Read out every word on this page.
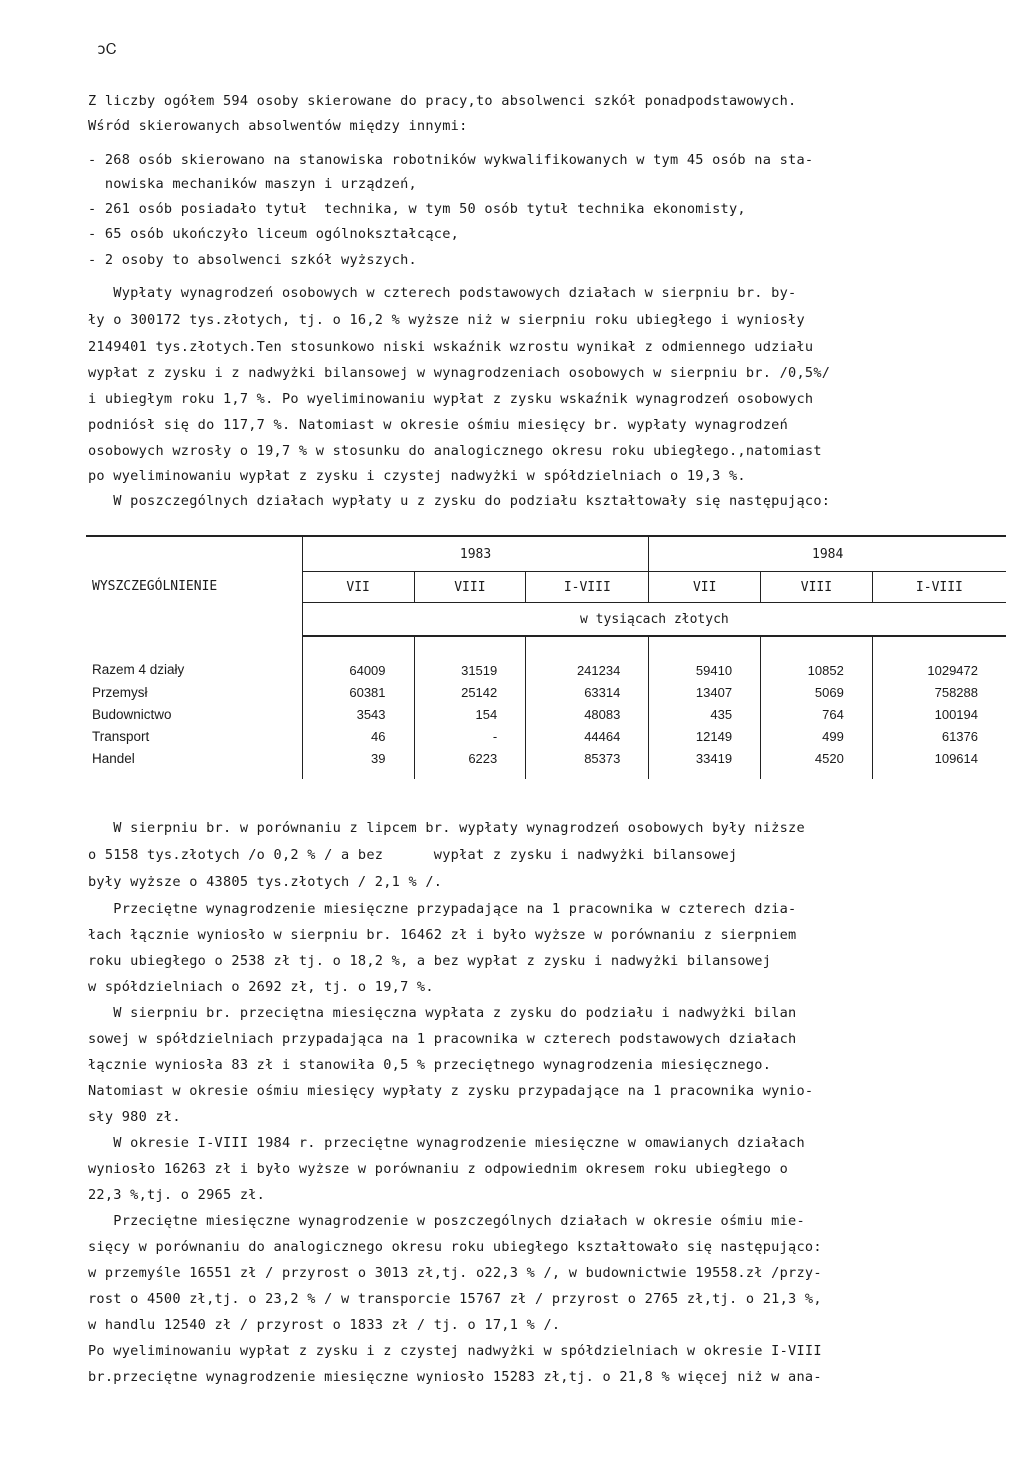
ɔᏟ
Z liczby ogółem 594 osoby skierowane do pracy,to absolwenci szkół ponadpodstawowych.
Wśród skierowanych absolwentów między innymi:
- 268 osób skierowano na stanowiska robotników wykwalifikowanych w tym 45 osób na sta-
nowiska mechaników maszyn i urządzeń,
- 261 osób posiadało tytuł  technika, w tym 50 osób tytuł technika ekonomisty,
- 65 osób ukończyło liceum ogólnokształcące,
- 2 osoby to absolwenci szkół wyższych.
Wypłaty wynagrodzeń osobowych w czterech podstawowych działach w sierpniu br. by-
ły o 300172 tys.złotych, tj. o 16,2 % wyższe niż w sierpniu roku ubiegłego i wyniosły
2149401 tys.złotych.Ten stosunkowo niski wskaźnik wzrostu wynikał z odmiennego udziału
wypłat z zysku i z nadwyżki bilansowej w wynagrodzeniach osobowych w sierpniu br. /0,5%/
i ubiegłym roku 1,7 %. Po wyeliminowaniu wypłat z zysku wskaźnik wynagrodzeń osobowych
podniósł się do 117,7 %. Natomiast w okresie ośmiu miesięcy br. wypłaty wynagrodzeń
osobowych wzrosły o 19,7 % w stosunku do analogicznego okresu roku ubiegłego.,natomiast
po wyeliminowaniu wypłat z zysku i czystej nadwyżki w spółdzielniach o 19,3 %.
W poszczególnych działach wypłaty u z zysku do podziału kształtowały się następująco:
WYSZCZEGÓLNIENIE	1983			1984		
	VII	VIII	I-VIII	VII	VIII	I-VIII
	w tysiącach złotych					
Razem 4 działy	64009	31519	241234	59410	10852	1029472
Przemysł	60381	25142	63314	13407	5069	758288
Budownictwo	3543	154	48083	435	764	100194
Transport	46	-	44464	12149	499	61376
Handel	39	6223	85373	33419	4520	109614
W sierpniu br. w porównaniu z lipcem br. wypłaty wynagrodzeń osobowych były niższe
o 5158 tys.złotych /o 0,2 % / a bez      wypłat z zysku i nadwyżki bilansowej
były wyższe o 43805 tys.złotych / 2,1 % /.
Przeciętne wynagrodzenie miesięczne przypadające na 1 pracownika w czterech dzia-
łach łącznie wyniosło w sierpniu br. 16462 zł i było wyższe w porównaniu z sierpniem
roku ubiegłego o 2538 zł tj. o 18,2 %, a bez wypłat z zysku i nadwyżki bilansowej
w spółdzielniach o 2692 zł, tj. o 19,7 %.
W sierpniu br. przeciętna miesięczna wypłata z zysku do podziału i nadwyżki bilan
sowej w spółdzielniach przypadająca na 1 pracownika w czterech podstawowych działach
łącznie wyniosła 83 zł i stanowiła 0,5 % przeciętnego wynagrodzenia miesięcznego.
Natomiast w okresie ośmiu miesięcy wypłaty z zysku przypadające na 1 pracownika wynio-
sły 980 zł.
W okresie I-VIII 1984 r. przeciętne wynagrodzenie miesięczne w omawianych działach
wyniosło 16263 zł i było wyższe w porównaniu z odpowiednim okresem roku ubiegłego o
22,3 %,tj. o 2965 zł.
Przeciętne miesięczne wynagrodzenie w poszczególnych działach w okresie ośmiu mie-
sięcy w porównaniu do analogicznego okresu roku ubiegłego kształtowało się następująco:
w przemyśle 16551 zł / przyrost o 3013 zł,tj. o22,3 % /, w budownictwie 19558.zł /przy-
rost o 4500 zł,tj. o 23,2 % / w transporcie 15767 zł / przyrost o 2765 zł,tj. o 21,3 %,
w handlu 12540 zł / przyrost o 1833 zł / tj. o 17,1 % /.
Po wyeliminowaniu wypłat z zysku i z czystej nadwyżki w spółdzielniach w okresie I-VIII
br.przeciętne wynagrodzenie miesięczne wyniosło 15283 zł,tj. o 21,8 % więcej niż w ana-
